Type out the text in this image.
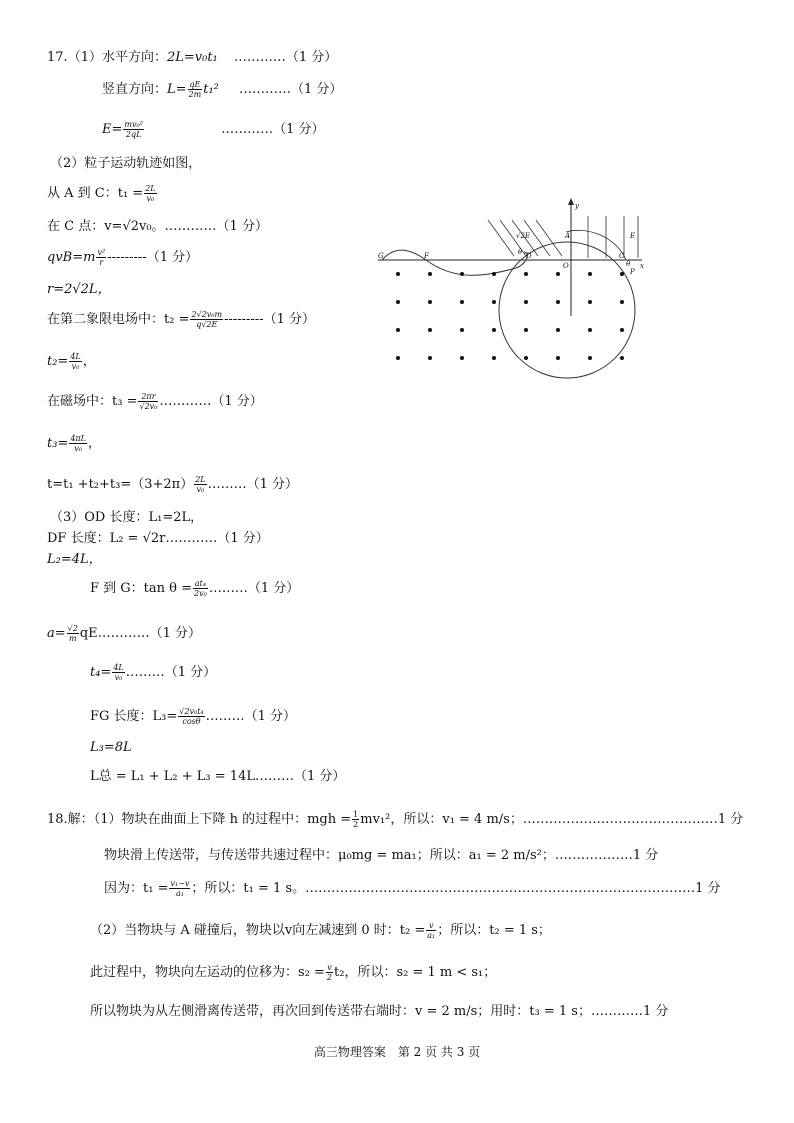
17.（1）水平方向：2L=v₀t₁ …………（1 分）
竖直方向：$L= \frac{qE}{2m} t_1^2$ …………（1 分）
$E= \frac{\text{mv₀²}}{2qL}$	…………（1 分）
（2）粒子运动轨迹如图，
从 A 到 C：$t_1 = \frac{2L}{\text{v₀}}$
在 C 点：v=√2v₀。…………（1 分）
$qvB=m \frac{\text{v²}}{r} ---------(1$ 分）
r=2√2L，
在第二象限电场中：$t_2 = \frac{\text{2√2v₀m}}{q√2E} ---------(1$ 分）
$t_2= \frac{4L}{\text{v₀}}$ ，
在磁场中：$t_3 = \frac{2\pi r}{\text{√2v₀}}$ …………（1 分）
$t_3= \frac{4\pi L}{\text{v₀}}$ ，
$t=t_1 +t_2+t_3=(3+2\pi) \frac{2L}{\text{v₀}}$ ………（1 分）
（3）OD 长度：L₁=2L，
DF 长度：L₂ = √2r…………（1 分）
L₂=4L，
F 到 G：$\tan \theta = \frac{\text{at₄}}{\text{2v₀}}$ ………（1 分）
$a= \frac{√2}{m}$ qE…………（1 分）
$t_4= \frac{4L}{\text{v₀}}$ ………（1 分）
FG 长度：$L_3= \frac{\text{√2v₀t₄}}{\cos\theta}$ ………（1 分）
L₃=8L
L总 = L₁ + L₂ + L₃ = 14L………（1 分）
18.解：（1）物块在曲面上下降 h 的过程中：mgh = $\frac{1}{2} mv_1^2$，所以：v₁ = 4 m/s；………………………………………1 分
物块滑上传送带，与传送带共速过程中：μ₀mg = ma₁；所以：a₁ = 2 m/s²；………………1 分
因为：$t_1 = \frac{\text{v₁−v}}{\text{a₁}}$ ；所以：t₁ = 1 s。………………………………………………………………………………1 分
（2）当物块与 A 碰撞后，物块以v向左减速到 0 时：$t_2 = \frac{v}{\text{a₁}}$ ；所以：t₂ = 1 s；
此过程中，物块向左运动的位移为：$s_2 = \frac{v}{2} t_2$，所以：s₂ = 1 m < s₁；
所以物块为从左侧滑离传送带，再次回到传送带右端时：v = 2 m/s；用时：t₃ = 1 s；…………1 分
G	F	D
O
C
A
y
x
E
√2E
θ
θ
P
高三物理答案　第 2 页 共 3 页
